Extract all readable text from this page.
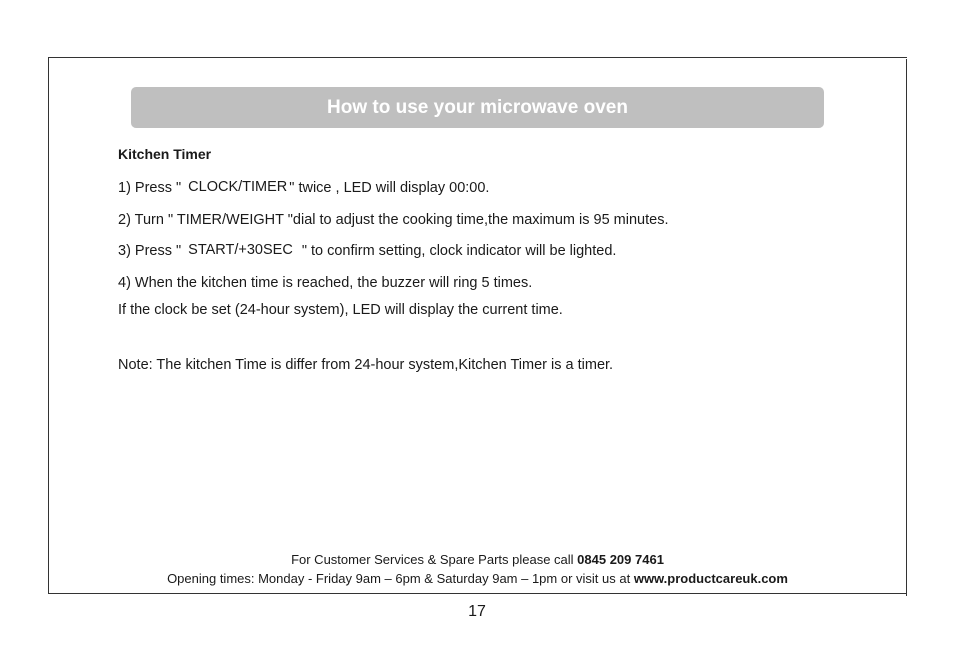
How to use your microwave oven
Kitchen Timer
1) Press " CLOCK/TIMER " twice , LED will display 00:00.
2) Turn " TIMER/WEIGHT "dial to adjust the cooking time,the maximum is 95 minutes.
3) Press " START/+30SEC " to confirm setting, clock indicator will be lighted.
4) When the kitchen time is reached, the buzzer will ring 5 times.
If the clock be set (24-hour system), LED will display the current time.
Note: The kitchen Time is differ from 24-hour system,Kitchen Timer is a timer.
For Customer Services & Spare Parts please call 0845 209 7461
Opening times: Monday - Friday 9am – 6pm & Saturday 9am – 1pm or visit us at www.productcareuk.com
17
